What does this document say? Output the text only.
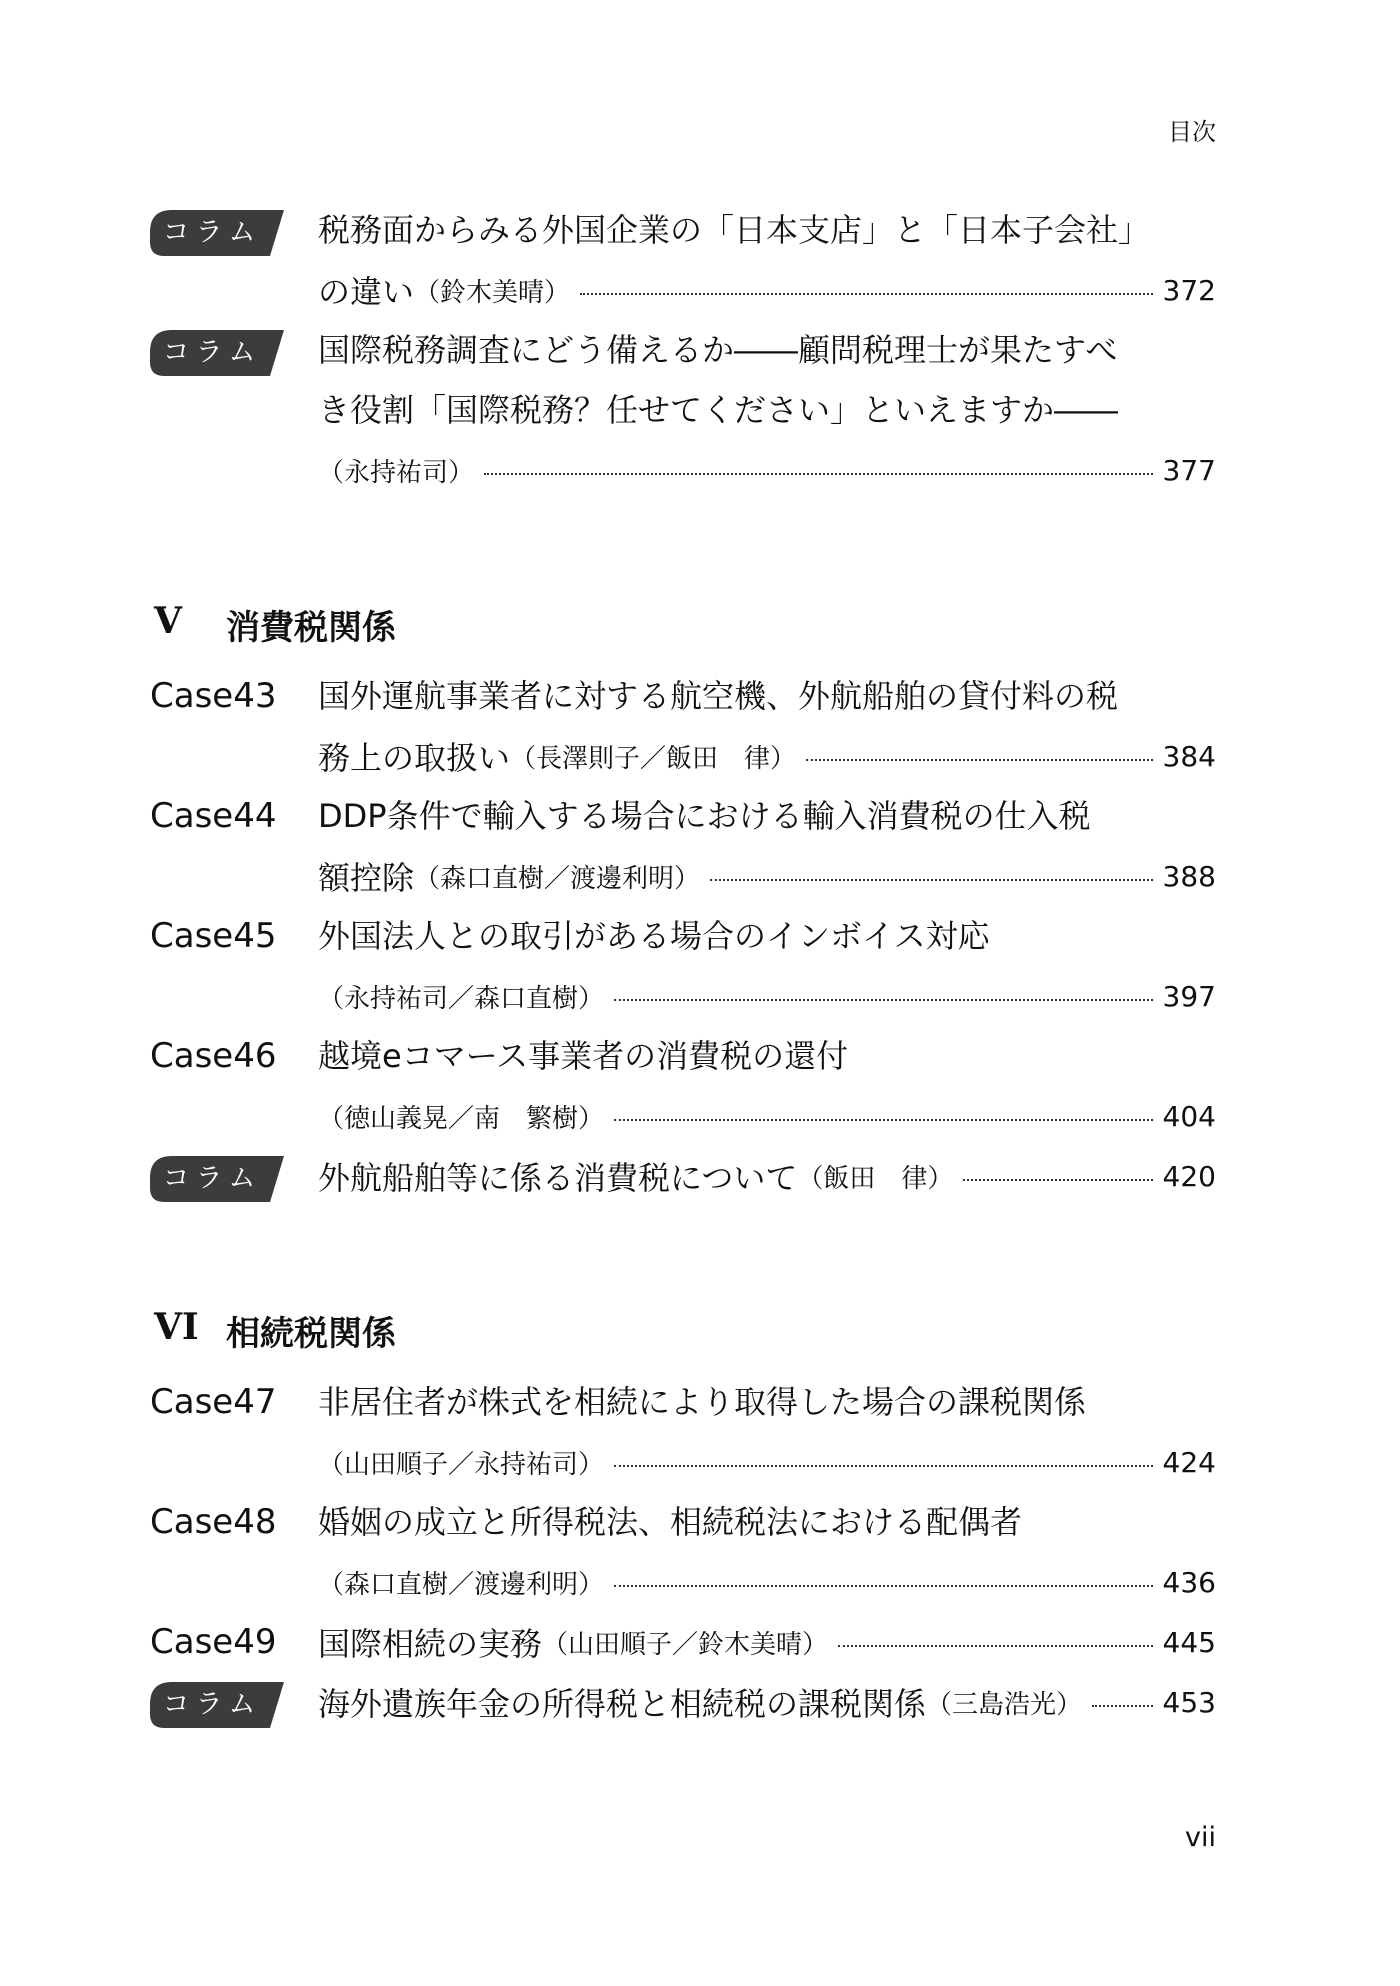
目次
コラム	税務面からみる外国企業の「日本支店」と「日本子会社」
の違い （鈴木美晴）	372
コラム	国際税務調査にどう備えるか――顧問税理士が果たすべ
き役割「国際税務？任せてください」といえますか――
（永持祐司）	377
V 消費税関係
Case43 国外運航事業者に対する航空機、外航船舶の貸付料の税
務上の取扱い （長澤則子／飯田　律）	384
Case44 DDP条件で輸入する場合における輸入消費税の仕入税
額控除 （森口直樹／渡邊利明）	388
Case45 外国法人との取引がある場合のインボイス対応
（永持祐司／森口直樹）	397
Case46 越境eコマース事業者の消費税の還付
（徳山義晃／南　繁樹）	404
コラム	外航船舶等に係る消費税について （飯田　律）	420
VI 相続税関係
Case47 非居住者が株式を相続により取得した場合の課税関係
（山田順子／永持祐司）	424
Case48 婚姻の成立と所得税法、相続税法における配偶者
（森口直樹／渡邊利明）	436
Case49 国際相続の実務 （山田順子／鈴木美晴）	445
コラム	海外遺族年金の所得税と相続税の課税関係 （三島浩光）	453
vii
